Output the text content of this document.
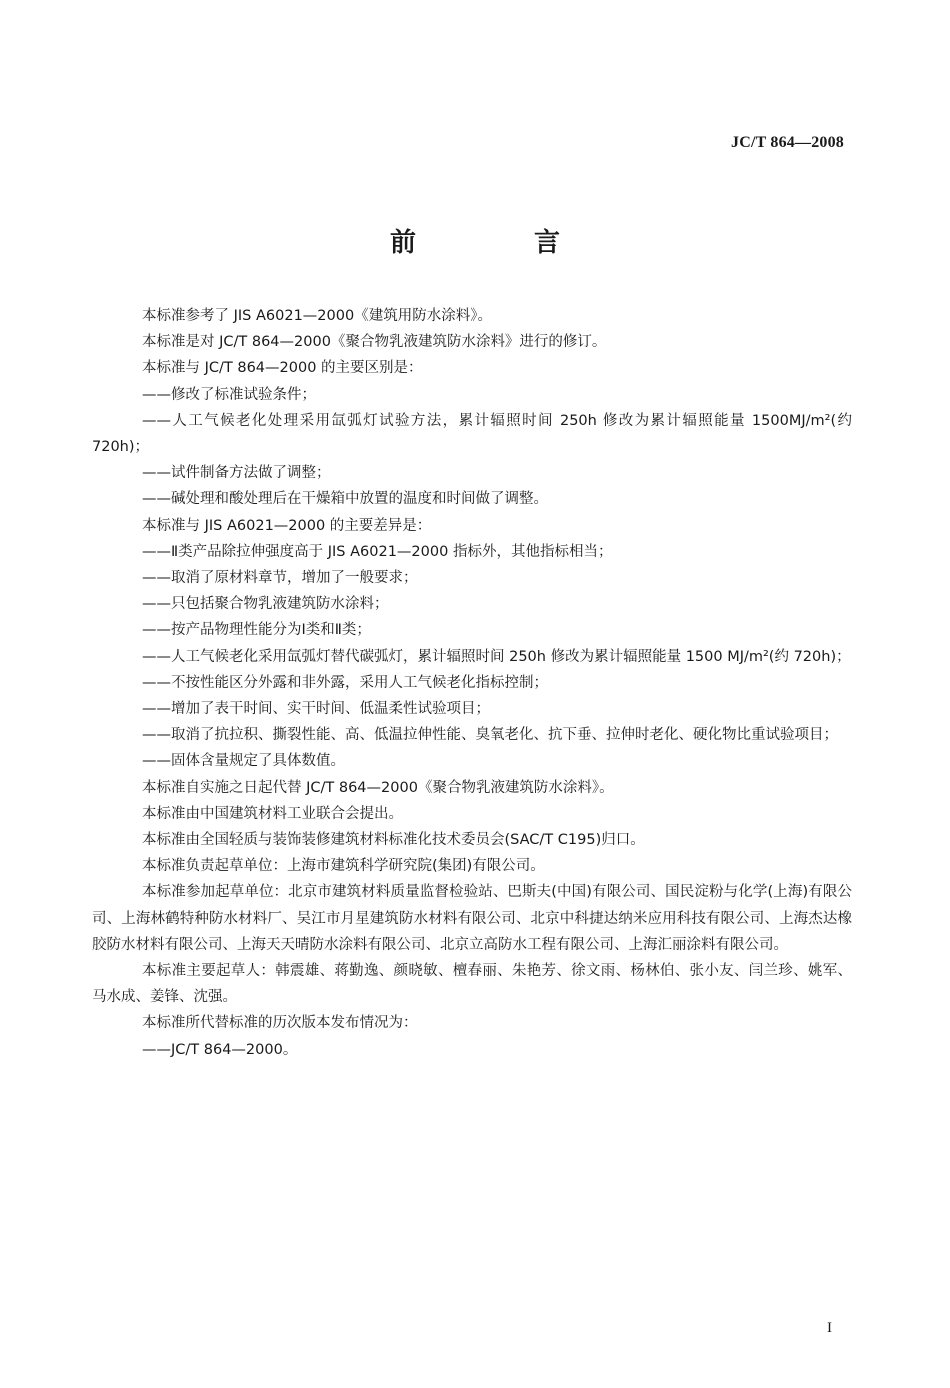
JC/T 864—2008
前　言

本标准参考了 JIS A6021—2000《建筑用防水涂料》。

本标准是对 JC/T 864—2000《聚合物乳液建筑防水涂料》进行的修订。

本标准与 JC/T 864—2000 的主要区别是：

——修改了标准试验条件；

——人工气候老化处理采用氙弧灯试验方法，累计辐照时间 250h 修改为累计辐照能量 1500MJ/m²(约 720h)；

——试件制备方法做了调整；

——碱处理和酸处理后在干燥箱中放置的温度和时间做了调整。

本标准与 JIS A6021—2000 的主要差异是：

——Ⅱ类产品除拉伸强度高于 JIS A6021—2000 指标外，其他指标相当；

——取消了原材料章节，增加了一般要求；

——只包括聚合物乳液建筑防水涂料；

——按产品物理性能分为Ⅰ类和Ⅱ类；

——人工气候老化采用氙弧灯替代碳弧灯，累计辐照时间 250h 修改为累计辐照能量 1500 MJ/m²(约 720h)；

——不按性能区分外露和非外露，采用人工气候老化指标控制；

——增加了表干时间、实干时间、低温柔性试验项目；

——取消了抗拉积、撕裂性能、高、低温拉伸性能、臭氧老化、抗下垂、拉伸时老化、硬化物比重试验项目；

——固体含量规定了具体数值。

本标准自实施之日起代替 JC/T 864—2000《聚合物乳液建筑防水涂料》。

本标准由中国建筑材料工业联合会提出。

本标准由全国轻质与装饰装修建筑材料标准化技术委员会(SAC/T C195)归口。

本标准负责起草单位：上海市建筑科学研究院(集团)有限公司。

本标准参加起草单位：北京市建筑材料质量监督检验站、巴斯夫(中国)有限公司、国民淀粉与化学(上海)有限公司、上海林鹤特种防水材料厂、吴江市月星建筑防水材料有限公司、北京中科捷达纳米应用科技有限公司、上海杰达橡胶防水材料有限公司、上海天天晴防水涂料有限公司、北京立高防水工程有限公司、上海汇丽涂料有限公司。

本标准主要起草人：韩震雄、蒋勤逸、颜晓敏、檀春丽、朱艳芳、徐文雨、杨林伯、张小友、闫兰珍、姚军、马水成、姜锋、沈强。

本标准所代替标准的历次版本发布情况为：

——JC/T 864—2000。

I
